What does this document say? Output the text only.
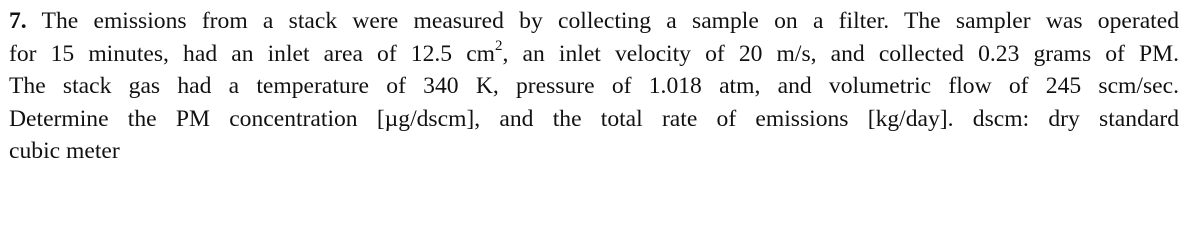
7. The emissions from a stack were measured by collecting a sample on a filter. The sampler was operated
for 15 minutes, had an inlet area of 12.5 $cm^2$, an inlet velocity of 20 m/s, and collected 0.23 grams of PM.
The stack gas had a temperature of 340 K, pressure of 1.018 atm, and volumetric flow of 245 scm/sec.
Determine the PM concentration [µg/dscm], and the total rate of emissions [kg/day]. dscm: dry standard
cubic meter
